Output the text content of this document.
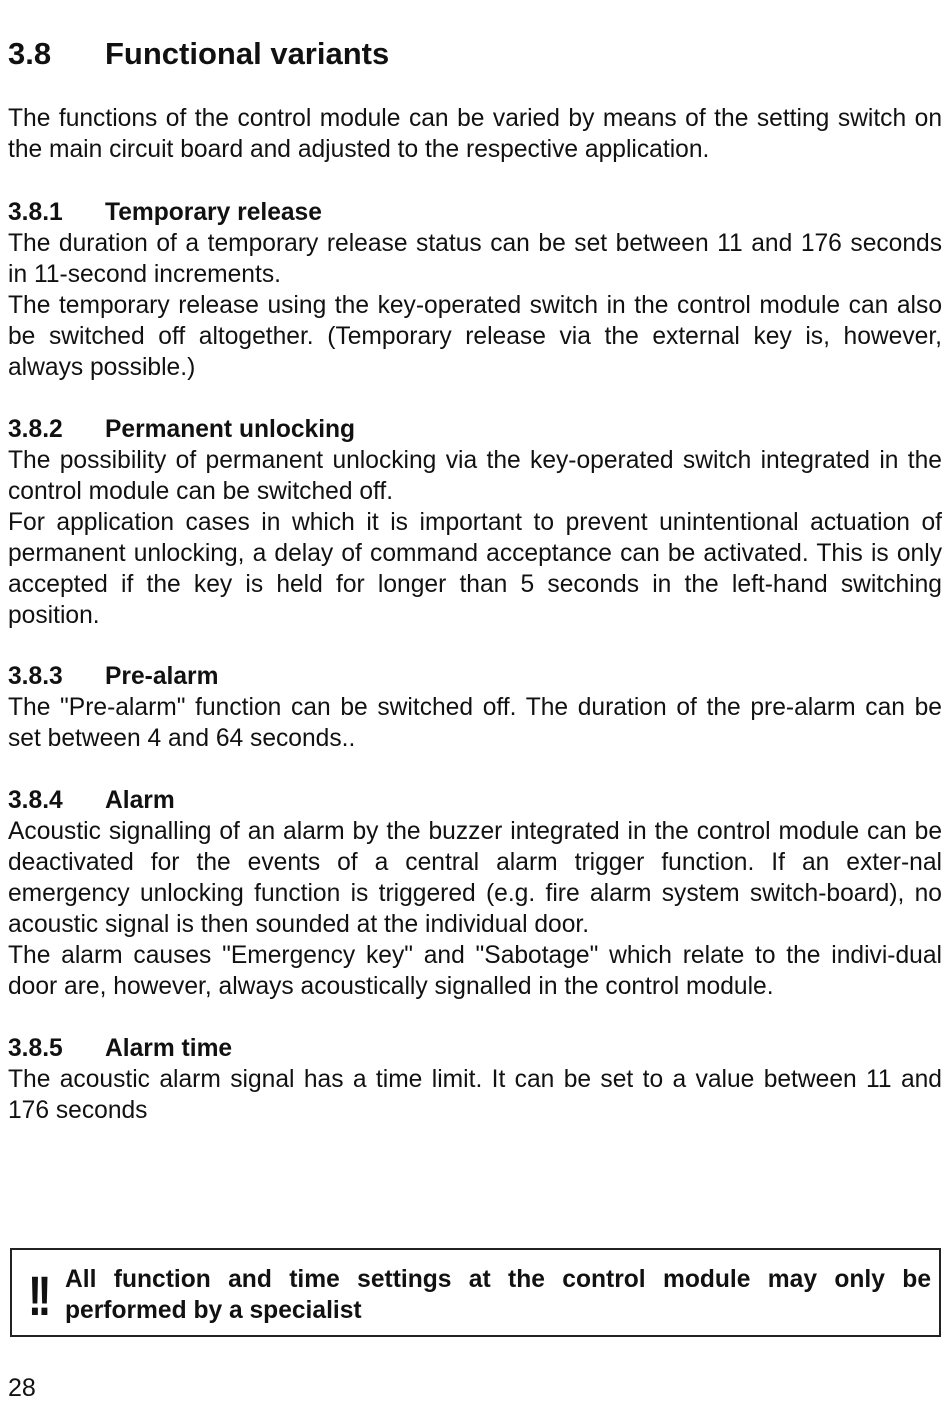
3.8 Functional variants

The functions of the control module can be varied by means of the setting switch on the main circuit board and adjusted to the respective application.

3.8.1 Temporary release

The duration of a temporary release status can be set between 11 and 176 seconds in 11-second increments.

The temporary release using the key-operated switch in the control module can also be switched off altogether. (Temporary release via the external key is, however, always possible.)

3.8.2 Permanent unlocking

The possibility of permanent unlocking via the key-operated switch integrated in the control module can be switched off.

For application cases in which it is important to prevent unintentional actuation of permanent unlocking, a delay of command acceptance can be activated. This is only accepted if the key is held for longer than 5 seconds in the left-hand switching position.

3.8.3 Pre-alarm

The "Pre-alarm" function can be switched off. The duration of the pre-alarm can be set between 4 and 64 seconds..

3.8.4 Alarm

Acoustic signalling of an alarm by the buzzer integrated in the control module can be deactivated for the events of a central alarm trigger function. If an exter-nal emergency unlocking function is triggered (e.g. fire alarm system switch-board), no acoustic signal is then sounded at the individual door.

The alarm causes "Emergency key" and "Sabotage" which relate to the indivi-dual door are, however, always acoustically signalled in the control module.

3.8.5 Alarm time

The acoustic alarm signal has a time limit. It can be set to a value between 11 and 176 seconds

!! All function and time settings at the control module may only be performed by a specialist
28
